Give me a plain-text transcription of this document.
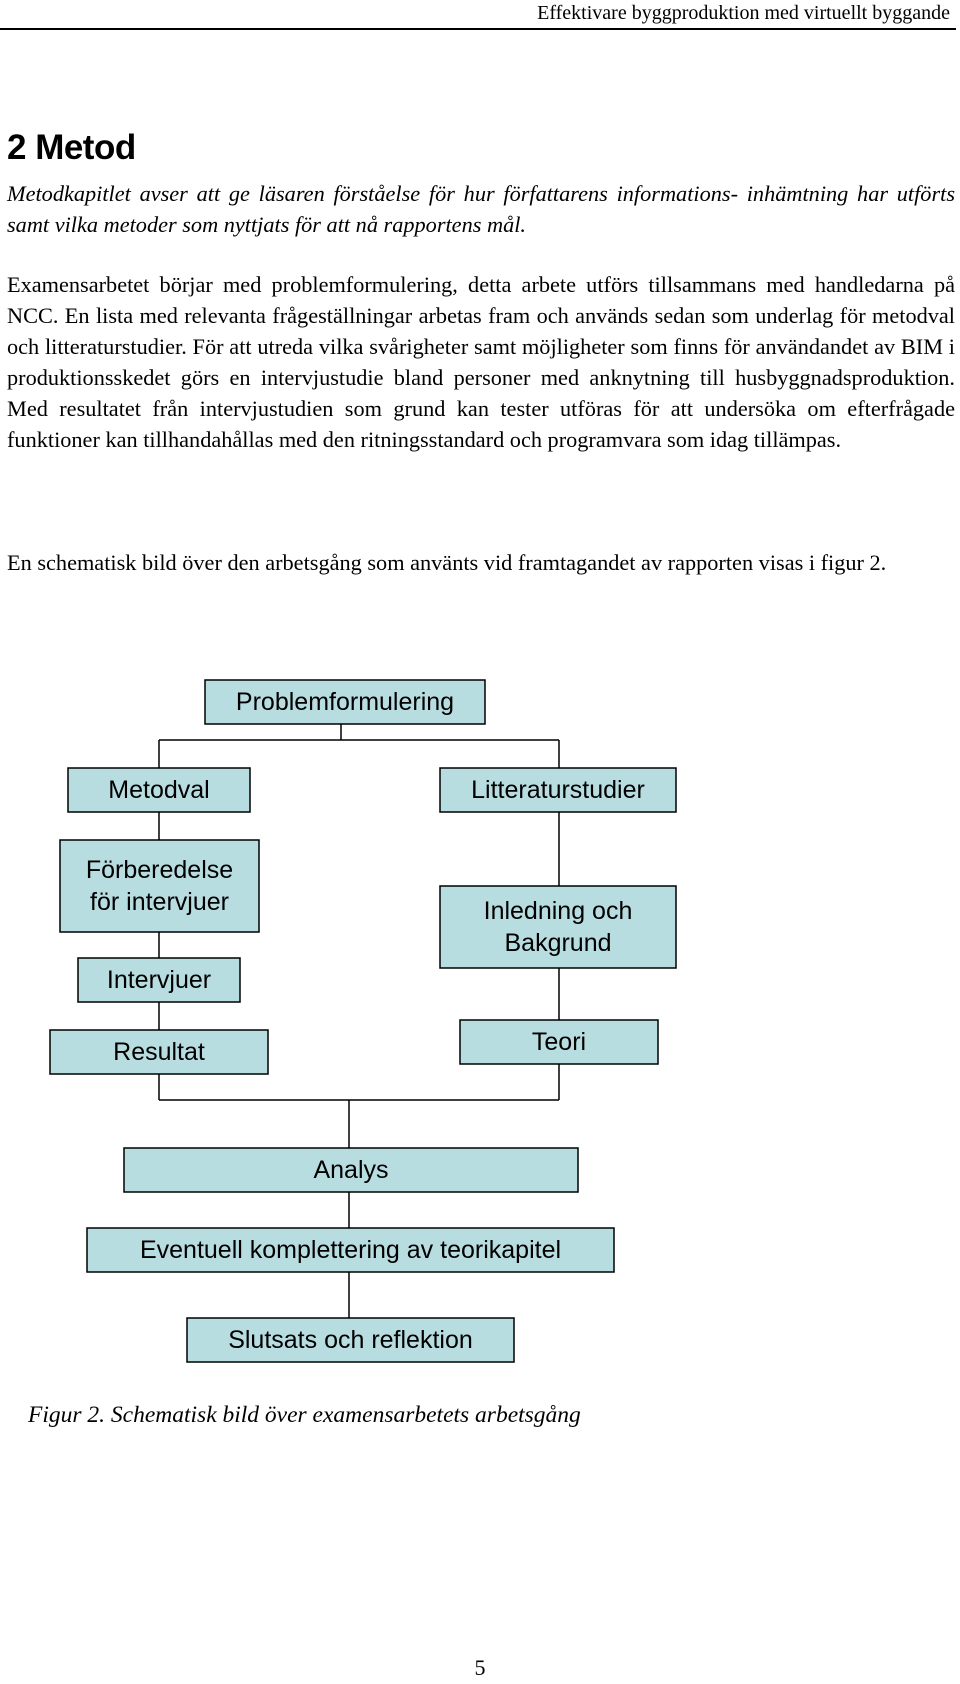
Effektivare byggproduktion med virtuellt byggande
2 Metod

Metodkapitlet avser att ge läsaren förståelse för hur författarens informations- inhämtning har utförts samt vilka metoder som nyttjats för att nå rapportens mål.

Examensarbetet börjar med problemformulering, detta arbete utförs tillsammans med handledarna på NCC. En lista med relevanta frågeställningar arbetas fram och används sedan som underlag för metodval och litteraturstudier. För att utreda vilka svårigheter samt möjligheter som finns för användandet av BIM i produktionsskedet görs en intervjustudie bland personer med anknytning till husbyggnadsproduktion. Med resultatet från intervjustudien som grund kan tester utföras för att undersöka om efterfrågade funktioner kan tillhandahållas med den ritningsstandard och programvara som idag tillämpas.

En schematisk bild över den arbetsgång som använts vid framtagandet av rapporten visas i figur 2.

Problemformulering
Metodval	Litteraturstudier
Förberedelse
för intervjuer	Inledning och
Bakgrund
Intervjuer
Resultat	Teori
Analys
Eventuell komplettering av teorikapitel
Slutsats och reflektion

Figur 2. Schematisk bild över examensarbetets arbetsgång

5
